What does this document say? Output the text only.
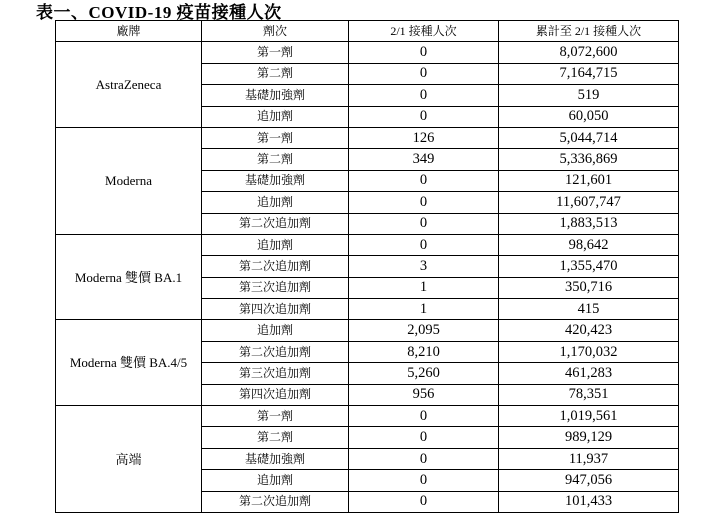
表一、COVID-19 疫苗接種人次
廠牌	劑次	2/1 接種人次	累計至 2/1 接種人次
AstraZeneca	第一劑	0	8,072,600
	第二劑	0	7,164,715
	基礎加強劑	0	519
	追加劑	0	60,050
Moderna	第一劑	126	5,044,714
	第二劑	349	5,336,869
	基礎加強劑	0	121,601
	追加劑	0	11,607,747
	第二次追加劑	0	1,883,513
Moderna 雙價 BA.1	追加劑	0	98,642
	第二次追加劑	3	1,355,470
	第三次追加劑	1	350,716
	第四次追加劑	1	415
Moderna 雙價 BA.4/5	追加劑	2,095	420,423
	第二次追加劑	8,210	1,170,032
	第三次追加劑	5,260	461,283
	第四次追加劑	956	78,351
高端	第一劑	0	1,019,561
	第二劑	0	989,129
	基礎加強劑	0	11,937
	追加劑	0	947,056
	第二次追加劑	0	101,433
